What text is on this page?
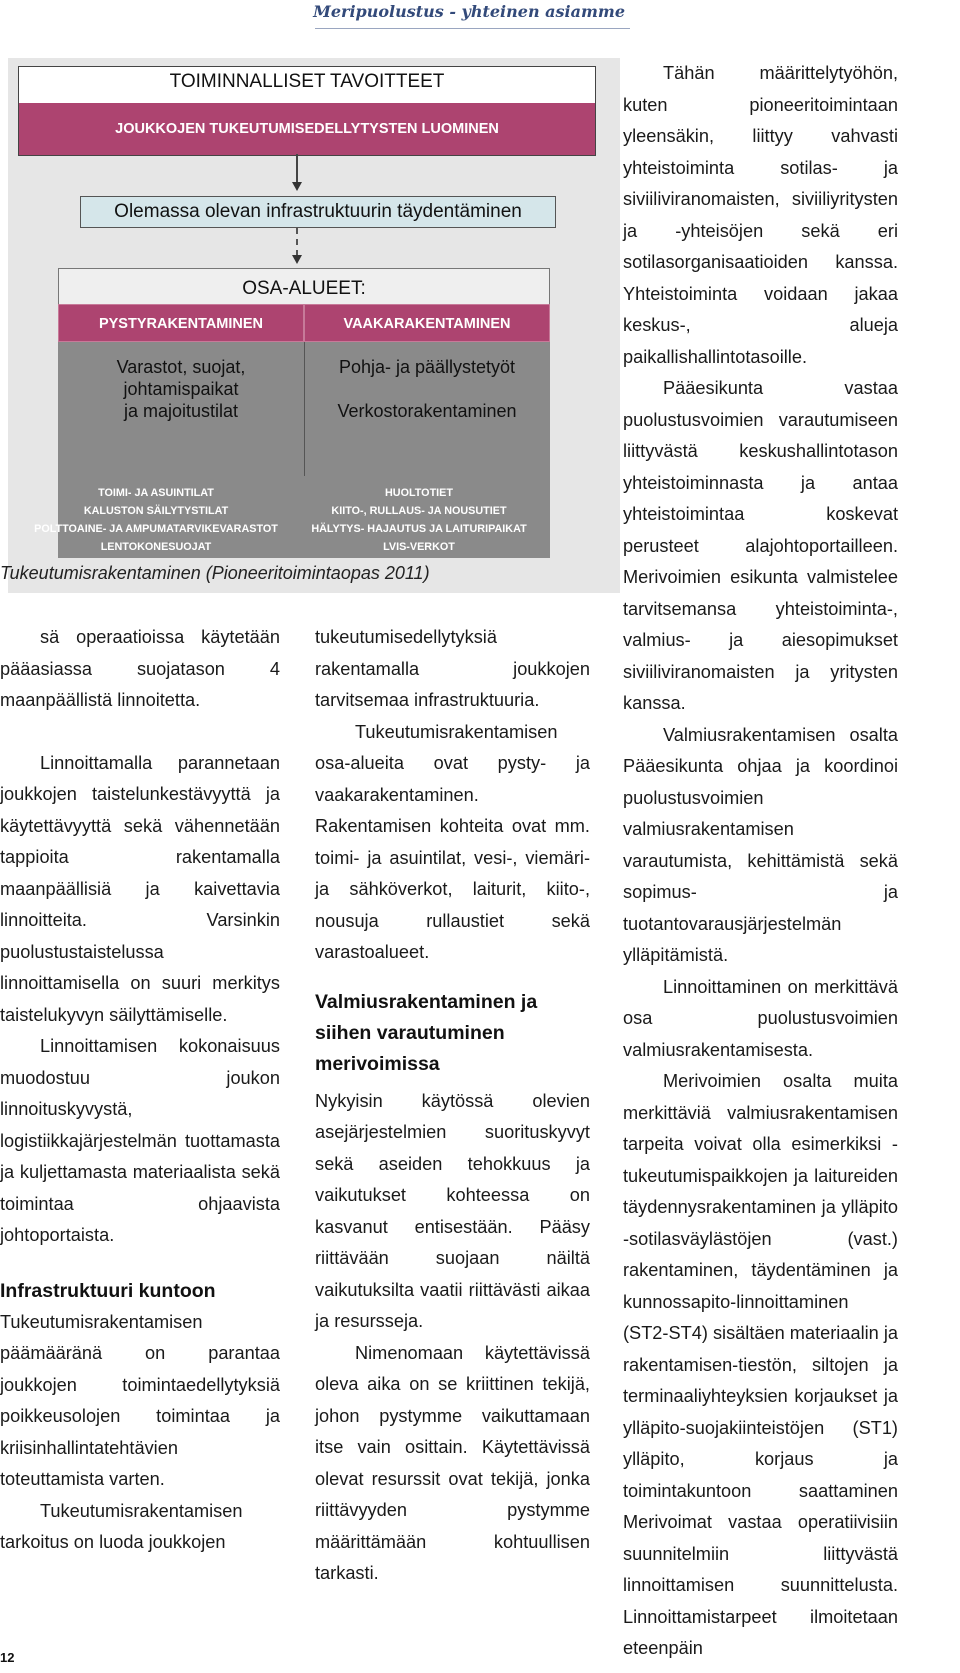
Meripuolustus - yhteinen asiamme
TOIMINNALLISET TAVOITTEET
JOUKKOJEN TUKEUTUMISEDELLYTYSTEN LUOMINEN
Olemassa olevan infrastruktuurin täydentäminen
OSA-ALUEET:
PYSTYRAKENTAMINEN	VAAKARAKENTAMINEN
Varastot, suojat,
johtamispaikat
ja majoitustilat
Pohja- ja päällystetyöt
Verkostorakentaminen
TOIMI- JA ASUINTILAT
KALUSTON SÄILYTYSTILAT
POLTTOAINE- JA AMPUMATARVIKEVARASTOT
LENTOKONESUOJAT
HUOLTOTIET
KIITO-, RULLAUS- JA NOUSUTIET
HÄLYTYS- HAJAUTUS JA LAITURIPAIKAT
LVIS-VERKOT
Tukeutumisrakentaminen (Pioneeritoimintaopas 2011)

sä operaatioissa käytetään pääasiassa suojatason 4 maanpäällistä linnoitetta.

Linnoittamalla parannetaan joukkojen taistelunkestävyyttä ja käytettävyyttä sekä vähennetään tappioita rakentamalla maanpäällisiä ja kaivettavia linnoitteita. Varsinkin puolustustaistelussa linnoittamisella on suuri merkitys taistelukyvyn säilyttämiselle.

Linnoittamisen kokonaisuus muodostuu joukon linnoituskyvystä, logistiikkajärjestelmän tuottamasta ja kuljettamasta materiaalista sekä toimintaa ohjaavista johtoportaista.

Infrastruktuuri kuntoon

Tukeutumisrakentamisen päämääränä on parantaa joukkojen toimintaedellytyksiä poikkeusolojen toimintaa ja kriisinhallintatehtävien toteuttamista varten.

Tukeutumisrakentamisen tarkoitus on luoda joukkojen

tukeutumisedellytyksiä rakentamalla joukkojen tarvitsemaa infrastruktuuria.

Tukeutumisrakentamisen osa-alueita ovat pysty- ja vaakarakentaminen. Rakentamisen kohteita ovat mm. toimi- ja asuintilat, vesi-, viemäri- ja sähköverkot, laiturit, kiito-, nousuja rullaustiet sekä varastoalueet.

Valmiusrakentaminen ja siihen varautuminen merivoimissa

Nykyisin käytössä olevien asejärjestelmien suorituskyvyt sekä aseiden tehokkuus ja vaikutukset kohteessa on kasvanut entisestään. Pääsy riittävään suojaan näiltä vaikutuksilta vaatii riittävästi aikaa ja resursseja.

Nimenomaan käytettävissä oleva aika on se kriittinen tekijä, johon pystymme vaikuttamaan itse vain osittain. Käytettävissä olevat resurssit ovat tekijä, jonka riittävyyden pystymme määrittämään kohtuullisen tarkasti.

Tähän määrittelytyöhön, kuten pioneeritoimintaan yleensäkin, liittyy vahvasti yhteistoiminta sotilas- ja siviiliviranomaisten, siviiliyritysten ja -yhteisöjen sekä eri sotilasorganisaatioiden kanssa. Yhteistoiminta voidaan jakaa keskus-, alueja paikallishallintotasoille.

Pääesikunta vastaa puolustusvoimien varautumiseen liittyvästä keskushallintotason yhteistoiminnasta ja antaa yhteistoimintaa koskevat perusteet alajohtoportailleen. Merivoimien esikunta valmistelee tarvitsemansa yhteistoiminta-, valmius- ja aiesopimukset siviiliviranomaisten ja yritysten kanssa.

Valmiusrakentamisen osalta Pääesikunta ohjaa ja koordinoi puolustusvoimien valmiusrakentamisen varautumista, kehittämistä sekä sopimus- ja tuotantovarausjärjestelmän ylläpitämistä.

Linnoittaminen on merkittävä osa puolustusvoimien valmiusrakentamisesta.

Merivoimien osalta muita merkittäviä valmiusrakentamisen tarpeita voivat olla esimerkiksi -tukeutumispaikkojen ja laitureiden täydennysrakentaminen ja ylläpito -sotilasväylästöjen (vast.) rakentaminen, täydentäminen ja kunnossapito-linnoittaminen (ST2-ST4) sisältäen materiaalin ja rakentamisen-tiestön, siltojen ja terminaaliyhteyksien korjaukset ja ylläpito-suojakiinteistöjen (ST1) ylläpito, korjaus ja toimintakuntoon saattaminen Merivoimat vastaa operatiivisiin suunnitelmiin liittyvästä linnoittamisen suunnittelusta. Linnoittamistarpeet ilmoitetaan eteenpäin

12
